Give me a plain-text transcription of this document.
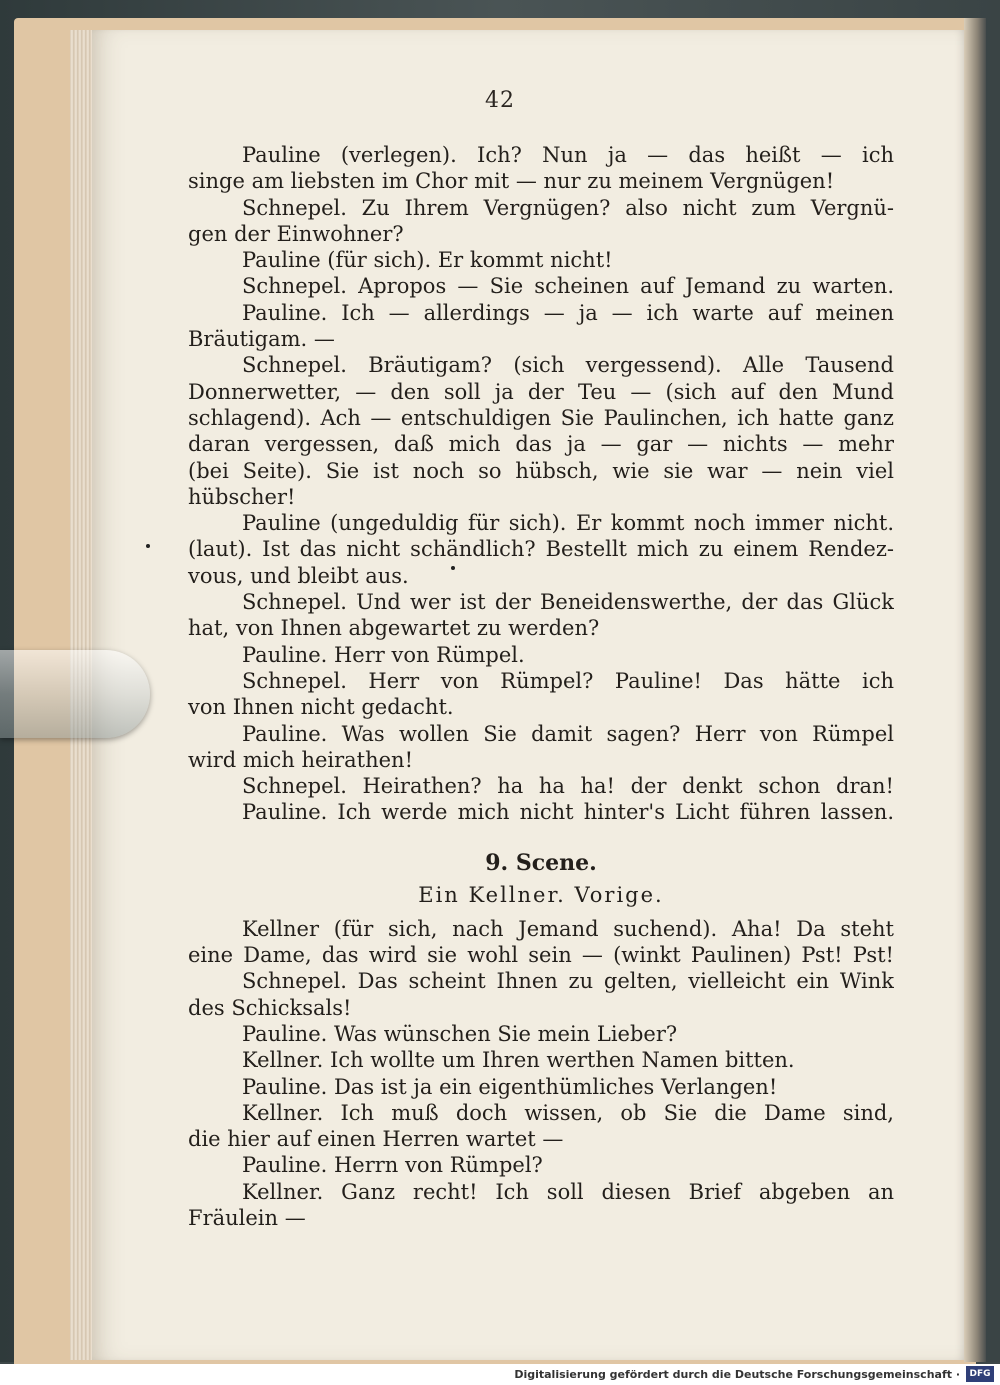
42
Pauline (verlegen). Ich? Nun ja — das heißt — ich
singe am liebsten im Chor mit — nur zu meinem Vergnügen!
Schnepel. Zu Ihrem Vergnügen? also nicht zum Vergnü-
gen der Einwohner?
Pauline (für sich). Er kommt nicht!
Schnepel. Apropos — Sie scheinen auf Jemand zu warten.
Pauline. Ich — allerdings — ja — ich warte auf meinen
Bräutigam. —
Schnepel. Bräutigam? (sich vergessend). Alle Tausend
Donnerwetter, — den soll ja der Teu — (sich auf den Mund
schlagend). Ach — entschuldigen Sie Paulinchen, ich hatte ganz
daran vergessen, daß mich das ja — gar — nichts — mehr
(bei Seite). Sie ist noch so hübsch, wie sie war — nein viel
hübscher!
Pauline (ungeduldig für sich). Er kommt noch immer nicht.
(laut). Ist das nicht schändlich? Bestellt mich zu einem Rendez-
vous, und bleibt aus.
Schnepel. Und wer ist der Beneidenswerthe, der das Glück
hat, von Ihnen abgewartet zu werden?
Pauline. Herr von Rümpel.
Schnepel. Herr von Rümpel? Pauline! Das hätte ich
von Ihnen nicht gedacht.
Pauline. Was wollen Sie damit sagen? Herr von Rümpel
wird mich heirathen!
Schnepel. Heirathen? ha ha ha! der denkt schon dran!
Pauline. Ich werde mich nicht hinter's Licht führen lassen.
9. Scene.
Ein Kellner. Vorige.
Kellner (für sich, nach Jemand suchend). Aha! Da steht
eine Dame, das wird sie wohl sein — (winkt Paulinen) Pst! Pst!
Schnepel. Das scheint Ihnen zu gelten, vielleicht ein Wink
des Schicksals!
Pauline. Was wünschen Sie mein Lieber?
Kellner. Ich wollte um Ihren werthen Namen bitten.
Pauline. Das ist ja ein eigenthümliches Verlangen!
Kellner. Ich muß doch wissen, ob Sie die Dame sind,
die hier auf einen Herren wartet —
Pauline. Herrn von Rümpel?
Kellner. Ganz recht! Ich soll diesen Brief abgeben an
Fräulein —
Digitalisierung gefördert durch die Deutsche Forschungsgemeinschaft ·	DFG
